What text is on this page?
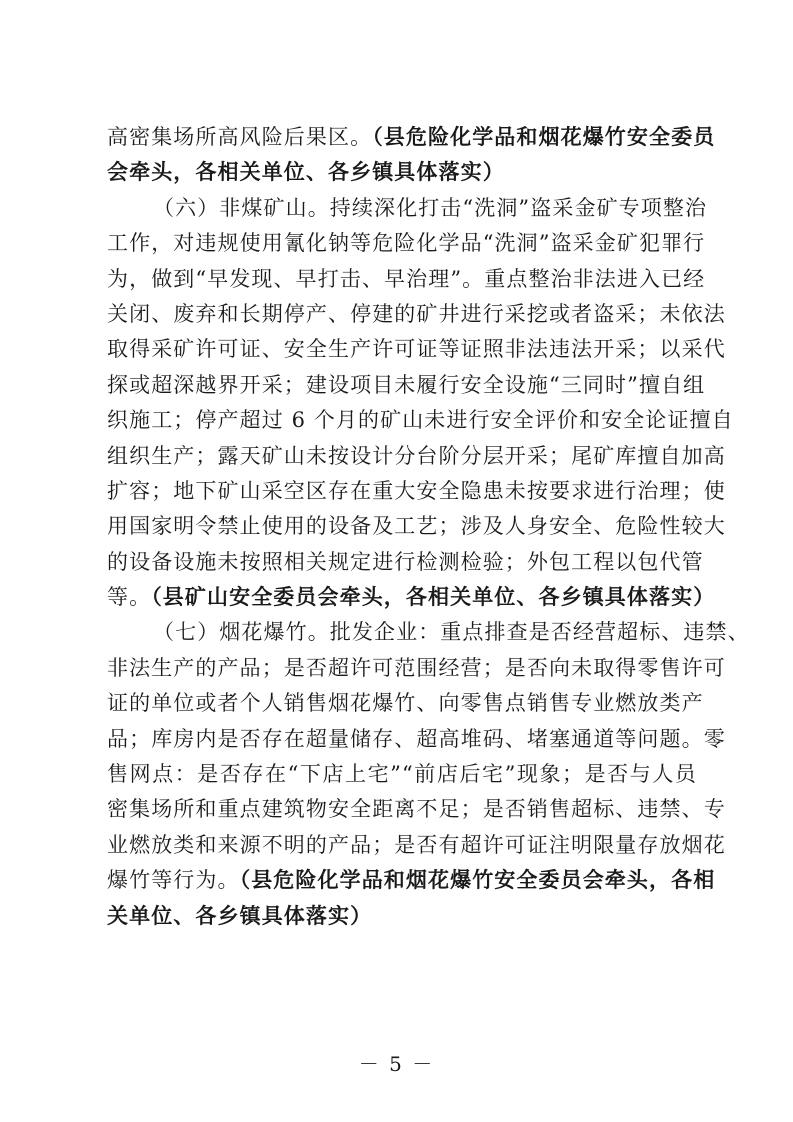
高密集场所高风险后果区。（县危险化学品和烟花爆竹安全委员
会牵头，各相关单位、各乡镇具体落实）
（六）非煤矿山。持续深化打击“洗洞”盗采金矿专项整治
工作，对违规使用氰化钠等危险化学品“洗洞”盗采金矿犯罪行
为，做到“早发现、早打击、早治理”。重点整治非法进入已经
关闭、废弃和长期停产、停建的矿井进行采挖或者盗采；未依法
取得采矿许可证、安全生产许可证等证照非法违法开采；以采代
探或超深越界开采；建设项目未履行安全设施“三同时”擅自组
织施工；停产超过 6 个月的矿山未进行安全评价和安全论证擅自
组织生产；露天矿山未按设计分台阶分层开采；尾矿库擅自加高
扩容；地下矿山采空区存在重大安全隐患未按要求进行治理；使
用国家明令禁止使用的设备及工艺；涉及人身安全、危险性较大
的设备设施未按照相关规定进行检测检验；外包工程以包代管
等。（县矿山安全委员会牵头，各相关单位、各乡镇具体落实）
（七）烟花爆竹。批发企业：重点排查是否经营超标、违禁、
非法生产的产品；是否超许可范围经营；是否向未取得零售许可
证的单位或者个人销售烟花爆竹、向零售点销售专业燃放类产
品；库房内是否存在超量储存、超高堆码、堵塞通道等问题。零
售网点：是否存在“下店上宅”“前店后宅”现象；是否与人员
密集场所和重点建筑物安全距离不足；是否销售超标、违禁、专
业燃放类和来源不明的产品；是否有超许可证注明限量存放烟花
爆竹等行为。（县危险化学品和烟花爆竹安全委员会牵头，各相
关单位、各乡镇具体落实）
－ 5 －
